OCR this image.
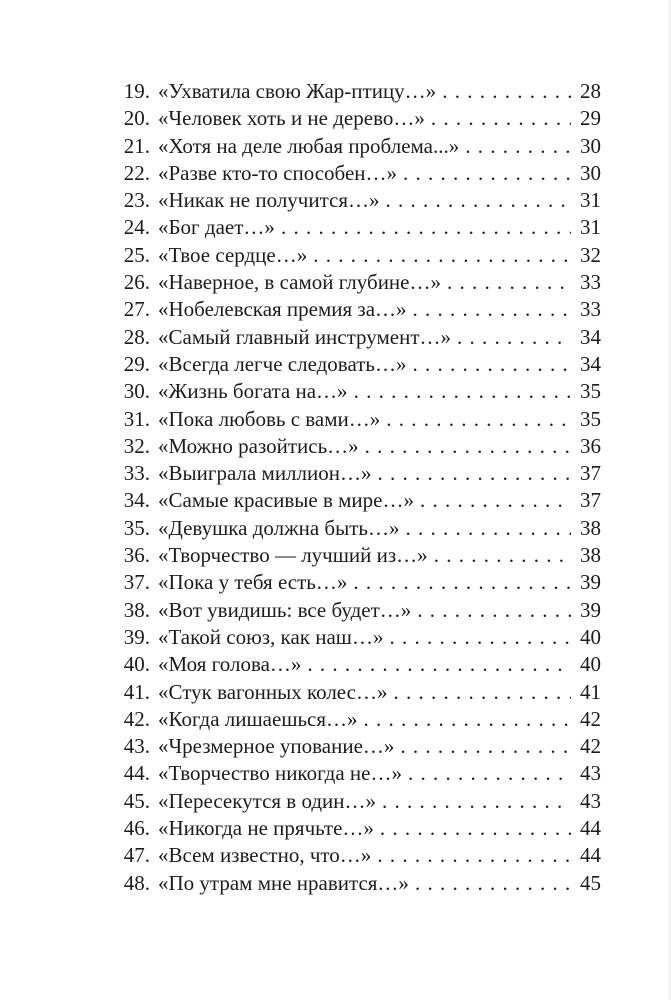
19. «Ухватила свою Жар-птицу…» . . .	28
20. «Человек хоть и не дерево…» . . .	29
21. «Хотя на деле любая проблема...» . . .	30
22. «Разве кто-то способен…» . . .	30
23. «Никак не получится…» . . .	31
24. «Бог дает…» . . .	31
25. «Твое сердце…» . . .	32
26. «Наверное, в самой глубине…» . . .	33
27. «Нобелевская премия за…» . . .	33
28. «Самый главный инструмент…» . . .	34
29. «Всегда легче следовать…» . . .	34
30. «Жизнь богата на…» . . .	35
31. «Пока любовь с вами…» . . .	35
32. «Можно разойтись…» . . .	36
33. «Выиграла миллион…» . . .	37
34. «Самые красивые в мире…» . . .	37
35. «Девушка должна быть…» . . .	38
36. «Творчество — лучший из…» . . .	38
37. «Пока у тебя есть…» . . .	39
38. «Вот увидишь: все будет…» . . .	39
39. «Такой союз, как наш…» . . .	40
40. «Моя голова…» . . .	40
41. «Стук вагонных колес…» . . .	41
42. «Когда лишаешься…» . . .	42
43. «Чрезмерное упование…» . . .	42
44. «Творчество никогда не…» . . .	43
45. «Пересекутся в один…» . . .	43
46. «Никогда не прячьте…» . . .	44
47. «Всем известно, что…» . . .	44
48. «По утрам мне нравится…» . . .	45
